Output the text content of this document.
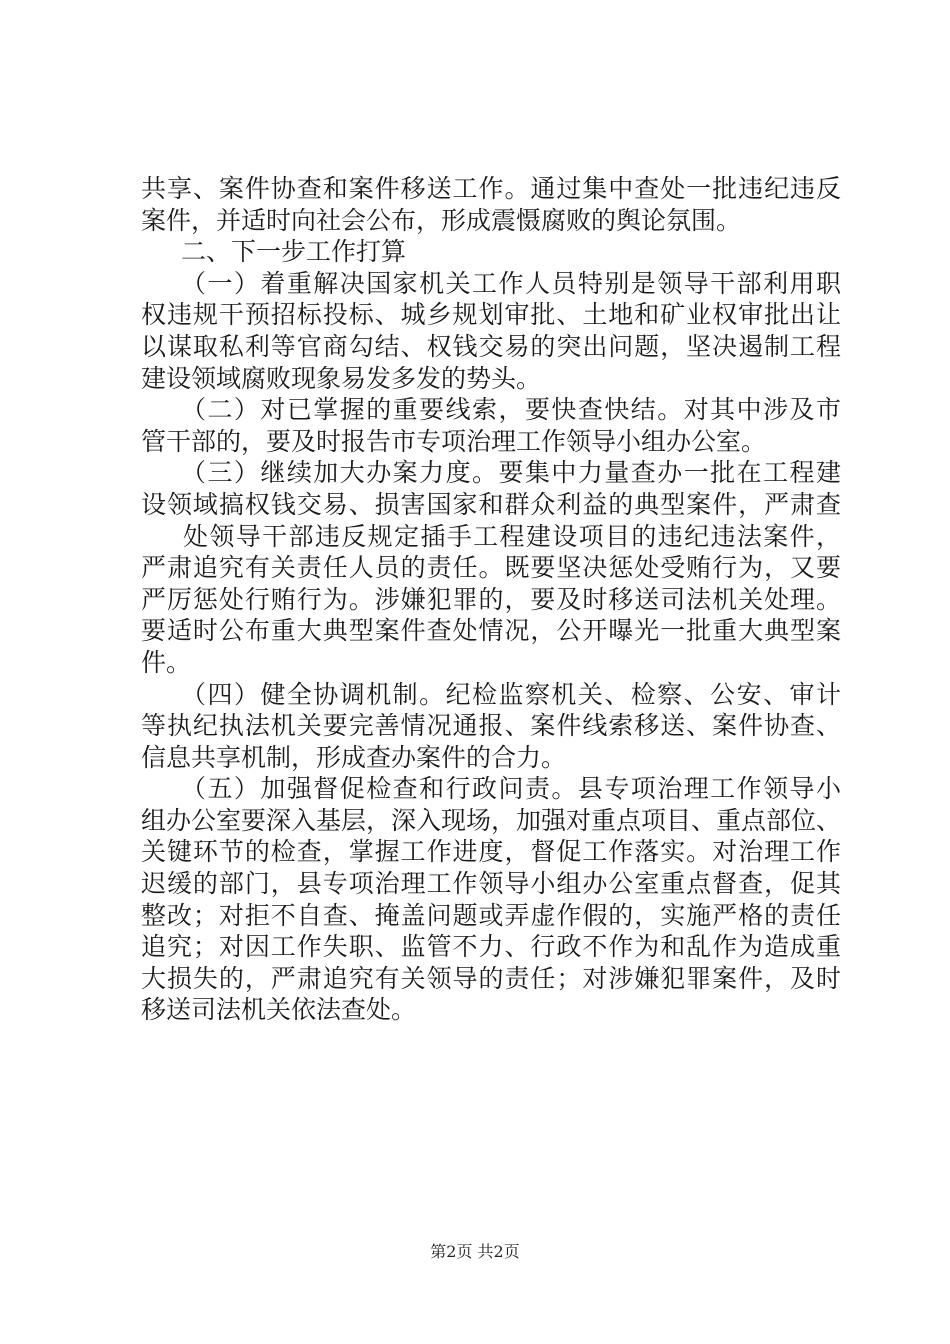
共享、案件协查和案件移送工作。通过集中查处一批违纪违反
案件，并适时向社会公布，形成震慑腐败的舆论氛围。
二、下一步工作打算
（一）着重解决国家机关工作人员特别是领导干部利用职
权违规干预招标投标、城乡规划审批、土地和矿业权审批出让
以谋取私利等官商勾结、权钱交易的突出问题，坚决遏制工程
建设领域腐败现象易发多发的势头。
（二）对已掌握的重要线索，要快查快结。对其中涉及市
管干部的，要及时报告市专项治理工作领导小组办公室。
（三）继续加大办案力度。要集中力量查办一批在工程建
设领域搞权钱交易、损害国家和群众利益的典型案件，严肃查
处领导干部违反规定插手工程建设项目的违纪违法案件，
严肃追究有关责任人员的责任。既要坚决惩处受贿行为，又要
严厉惩处行贿行为。涉嫌犯罪的，要及时移送司法机关处理。
要适时公布重大典型案件查处情况，公开曝光一批重大典型案
件。
（四）健全协调机制。纪检监察机关、检察、公安、审计
等执纪执法机关要完善情况通报、案件线索移送、案件协查、
信息共享机制，形成查办案件的合力。
（五）加强督促检查和行政问责。县专项治理工作领导小
组办公室要深入基层，深入现场，加强对重点项目、重点部位、
关键环节的检查，掌握工作进度，督促工作落实。对治理工作
迟缓的部门，县专项治理工作领导小组办公室重点督查，促其
整改；对拒不自查、掩盖问题或弄虚作假的，实施严格的责任
追究；对因工作失职、监管不力、行政不作为和乱作为造成重
大损失的，严肃追究有关领导的责任；对涉嫌犯罪案件，及时
移送司法机关依法查处。
第2页 共2页
